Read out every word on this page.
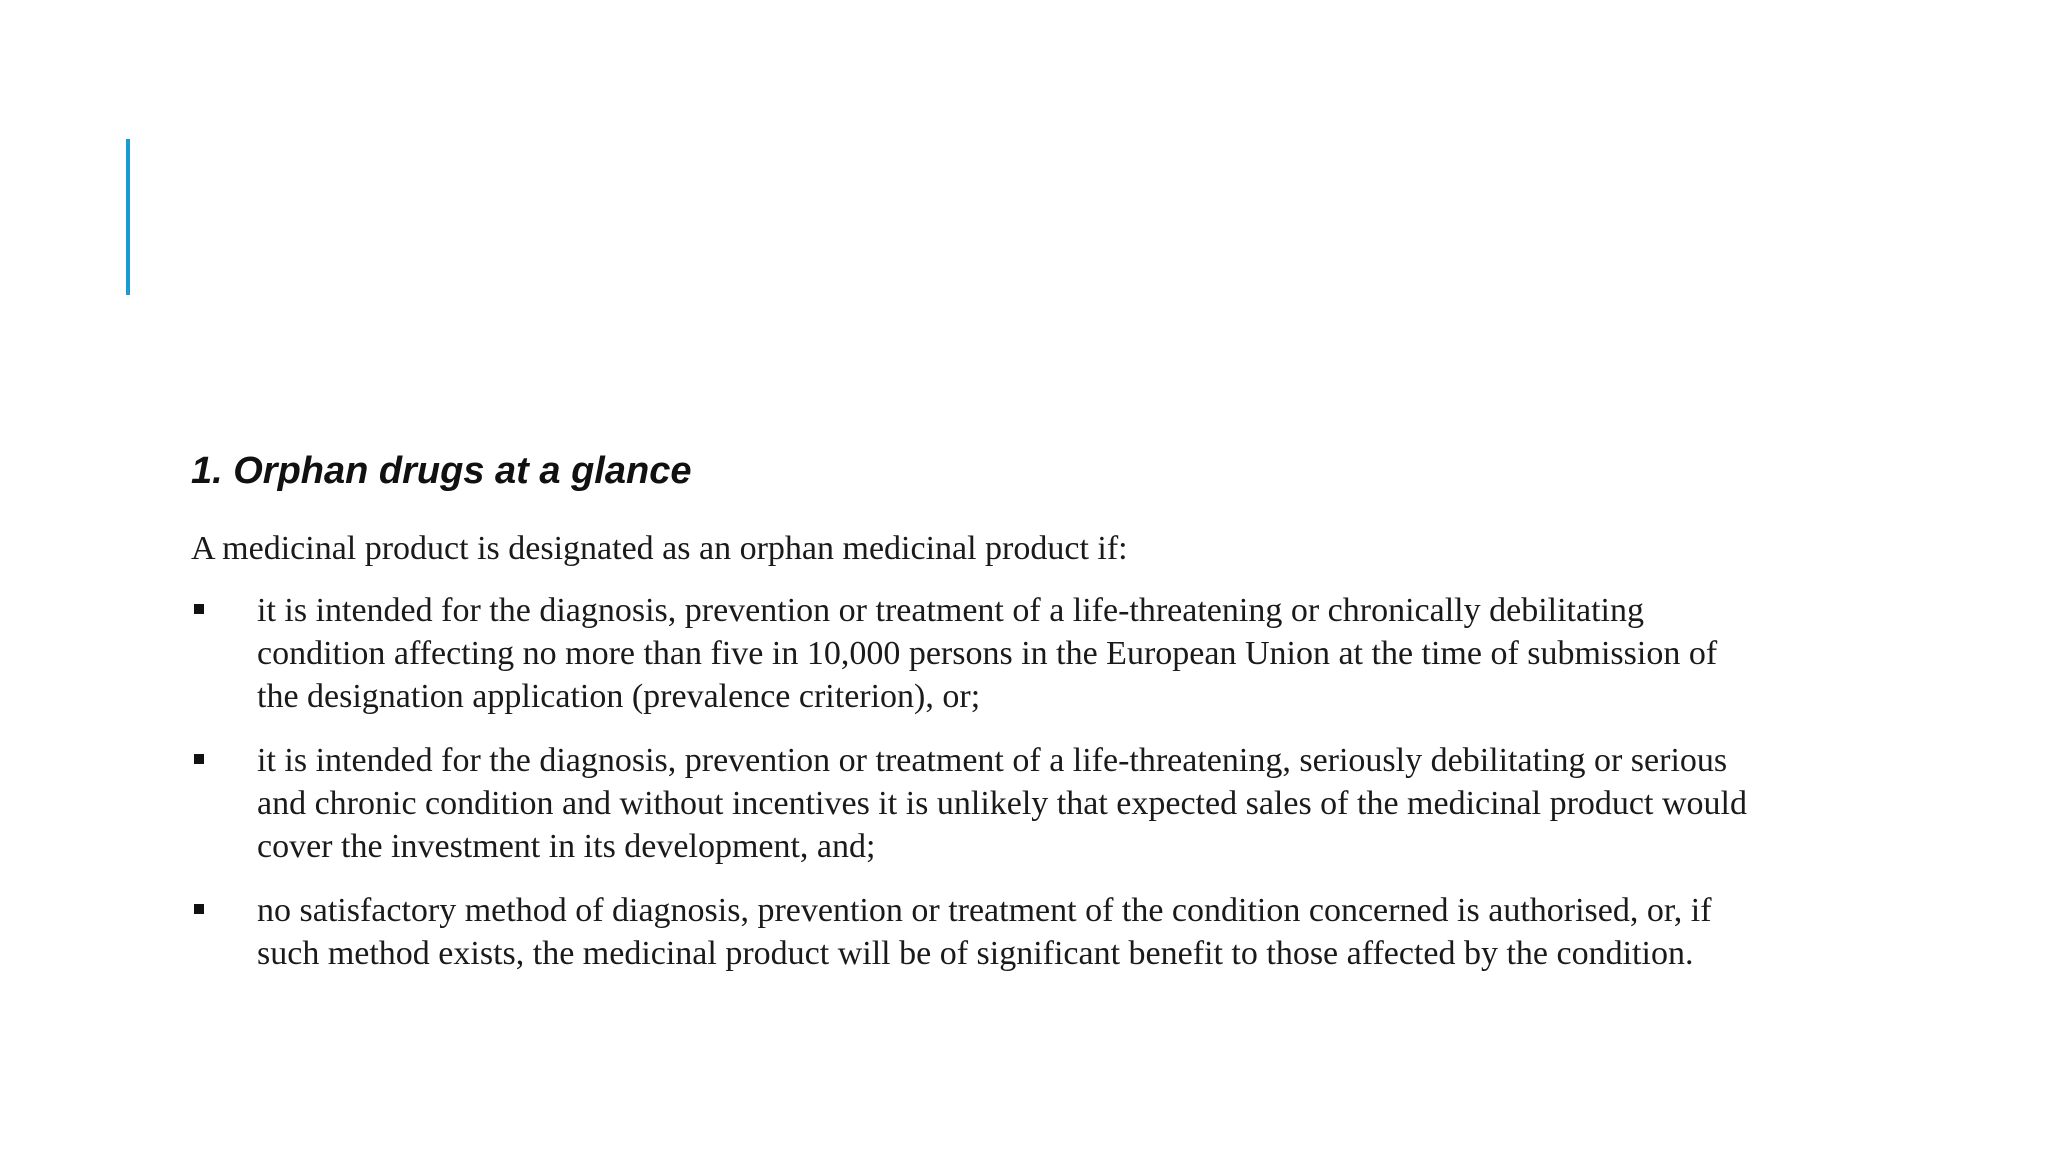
1. Orphan drugs at a glance

A medicinal product is designated as an orphan medicinal product if:

it is intended for the diagnosis, prevention or treatment of a life-threatening or chronically debilitating condition affecting no more than five in 10,000 persons in the European Union at the time of submission of the designation application (prevalence criterion), or;
it is intended for the diagnosis, prevention or treatment of a life-threatening, seriously debilitating or serious and chronic condition and without incentives it is unlikely that expected sales of the medicinal product would cover the investment in its development, and;
no satisfactory method of diagnosis, prevention or treatment of the condition concerned is authorised, or, if such method exists, the medicinal product will be of significant benefit to those affected by the condition.
